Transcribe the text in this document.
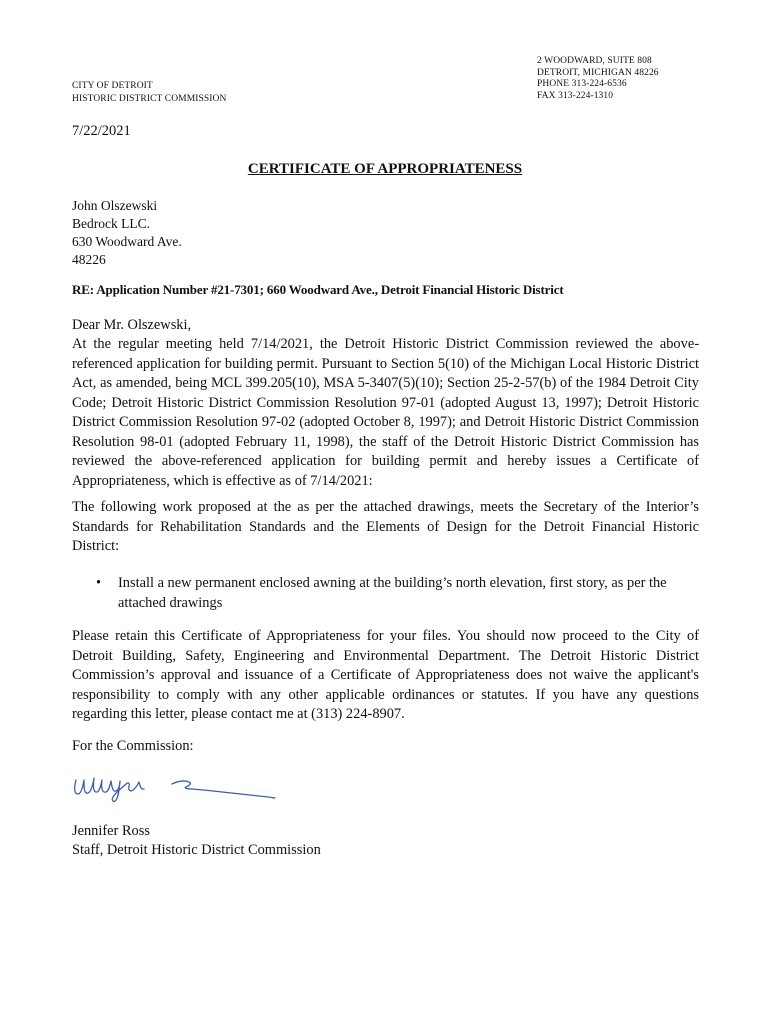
CITY OF DETROIT
HISTORIC DISTRICT COMMISSION
2 WOODWARD, SUITE 808
DETROIT, MICHIGAN 48226
PHONE 313-224-6536
FAX 313-224-1310
7/22/2021
CERTIFICATE OF APPROPRIATENESS
John Olszewski
Bedrock LLC.
630 Woodward Ave.
48226
RE: Application Number #21-7301; 660 Woodward Ave., Detroit Financial Historic District
Dear Mr. Olszewski,
At the regular meeting held 7/14/2021, the Detroit Historic District Commission reviewed the above-referenced application for building permit. Pursuant to Section 5(10) of the Michigan Local Historic District Act, as amended, being MCL 399.205(10), MSA 5-3407(5)(10); Section 25-2-57(b) of the 1984 Detroit City Code; Detroit Historic District Commission Resolution 97-01 (adopted August 13, 1997); Detroit Historic District Commission Resolution 97-02 (adopted October 8, 1997); and Detroit Historic District Commission Resolution 98-01 (adopted February 11, 1998), the staff of the Detroit Historic District Commission has reviewed the above-referenced application for building permit and hereby issues a Certificate of Appropriateness, which is effective as of 7/14/2021:
The following work proposed at the as per the attached drawings, meets the Secretary of the Interior’s Standards for Rehabilitation Standards and the Elements of Design for the Detroit Financial Historic District:
• Install a new permanent enclosed awning at the building’s north elevation, first story, as per the attached drawings
Please retain this Certificate of Appropriateness for your files. You should now proceed to the City of Detroit Building, Safety, Engineering and Environmental Department. The Detroit Historic District Commission’s approval and issuance of a Certificate of Appropriateness does not waive the applicant's responsibility to comply with any other applicable ordinances or statutes. If you have any questions regarding this letter, please contact me at (313) 224-8907.
For the Commission:
Jennifer Ross
Staff, Detroit Historic District Commission
